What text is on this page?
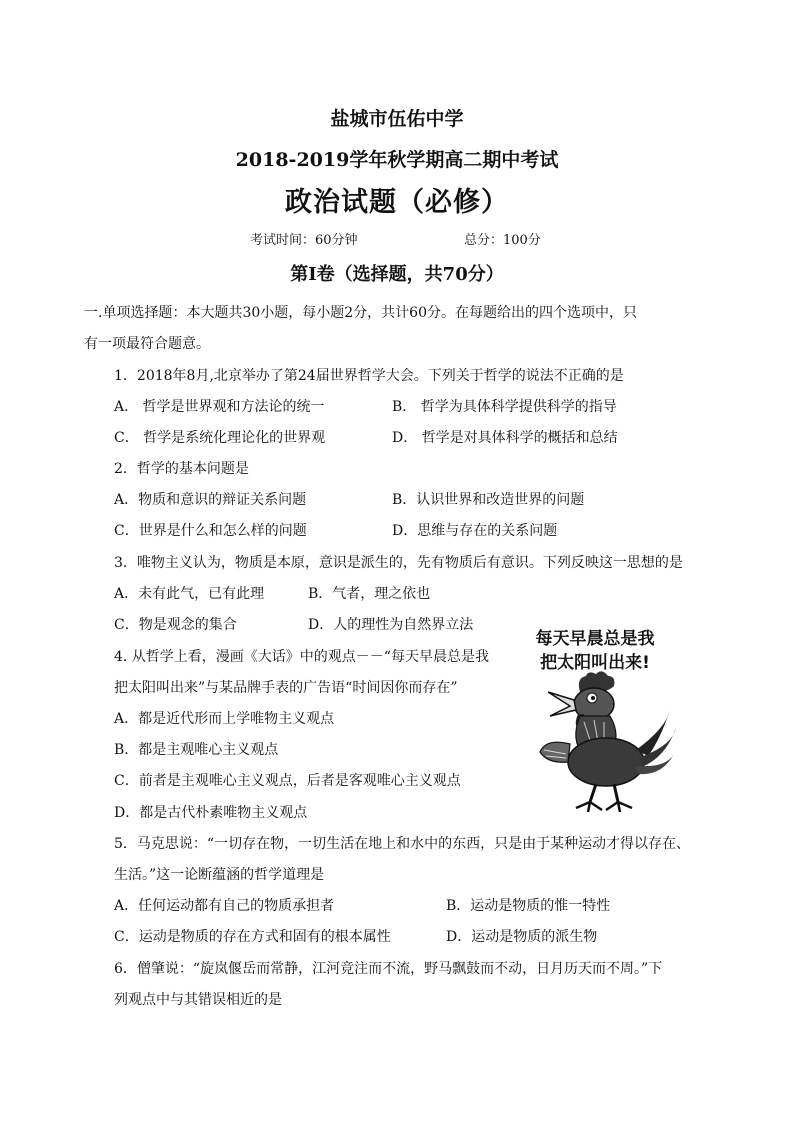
盐城市伍佑中学
2018-2019学年秋学期高二期中考试
政治试题（必修）
考试时间：60分钟	总分：100分
第Ⅰ卷（选择题，共70分）
一.单项选择题：本大题共30小题，每小题2分，共计60分。在每题给出的四个选项中，只
有一项最符合题意。
1．2018年8月,北京举办了第24届世界哲学大会。下列关于哲学的说法不正确的是
A． 哲学是世界观和方法论的统一	B． 哲学为具体科学提供科学的指导
C． 哲学是系统化理论化的世界观	D． 哲学是对具体科学的概括和总结
2．哲学的基本问题是
A．物质和意识的辩证关系问题	B．认识世界和改造世界的问题
C．世界是什么和怎么样的问题	D．思维与存在的关系问题
3．唯物主义认为，物质是本原，意识是派生的，先有物质后有意识。下列反映这一思想的是
A．未有此气，已有此理	B．气者，理之依也
C．物是观念的集合	D．人的理性为自然界立法
4. 从哲学上看，漫画《大话》中的观点－－“每天早晨总是我
把太阳叫出来”与某品牌手表的广告语“时间因你而存在”
A．都是近代形而上学唯物主义观点
B．都是主观唯心主义观点
C．前者是主观唯心主义观点，后者是客观唯心主义观点
D．都是古代朴素唯物主义观点
每天早晨总是我
把太阳叫出来!
5．马克思说：“一切存在物，一切生活在地上和水中的东西，只是由于某种运动才得以存在、
生活。”这一论断蕴涵的哲学道理是
A．任何运动都有自己的物质承担者	B．运动是物质的惟一特性
C．运动是物质的存在方式和固有的根本属性	D．运动是物质的派生物
6．僧肇说：“旋岚偃岳而常静，江河竞注而不流，野马飘鼓而不动，日月历天而不周。”下
列观点中与其错误相近的是
